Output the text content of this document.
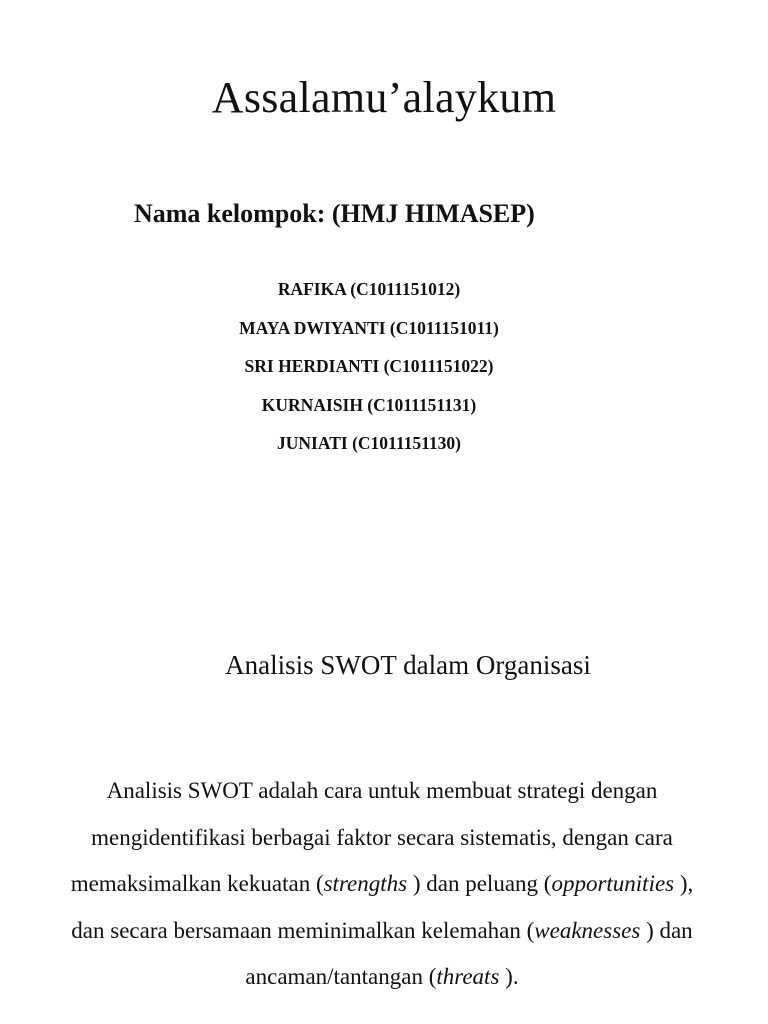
Assalamu’alaykum
Nama kelompok: (HMJ HIMASEP)
RAFIKA (C1011151012)
MAYA DWIYANTI (C1011151011)
SRI HERDIANTI (C1011151022)
KURNAISIH (C1011151131)
JUNIATI (C1011151130)
Analisis SWOT dalam Organisasi

Analisis SWOT adalah cara untuk membuat strategi dengan mengidentifikasi berbagai faktor secara sistematis, dengan cara memaksimalkan kekuatan (strengths ) dan peluang (opportunities ), dan secara bersamaan meminimalkan kelemahan (weaknesses ) dan ancaman/tantangan (threats ).
